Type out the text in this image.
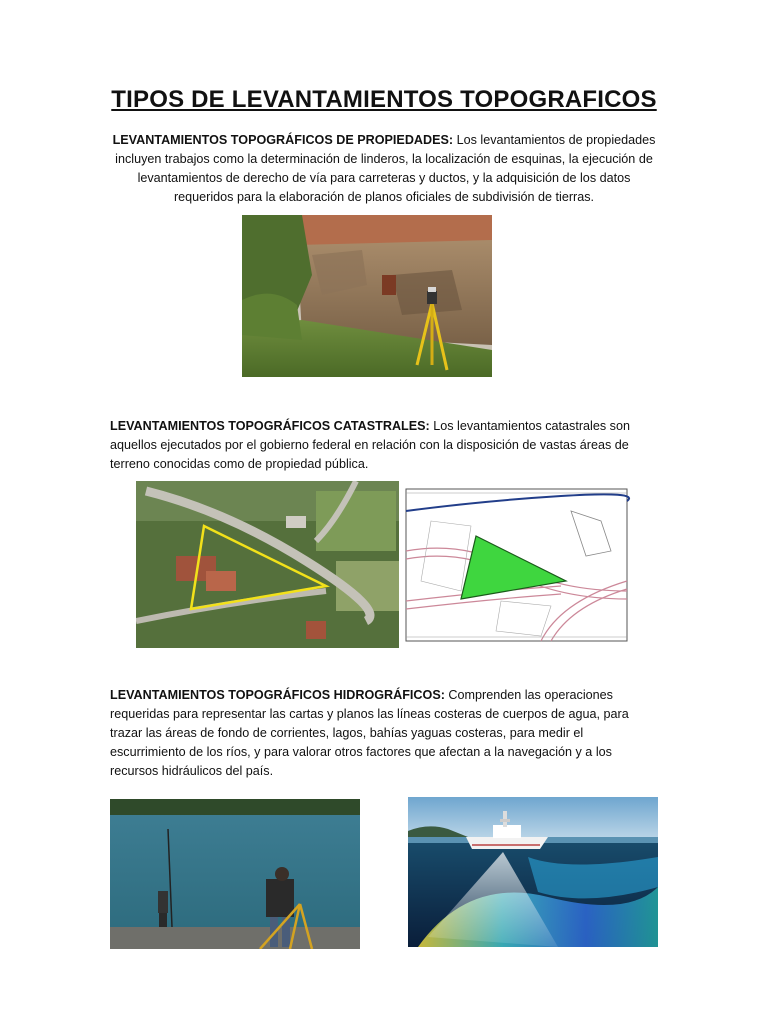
TIPOS DE LEVANTAMIENTOS TOPOGRAFICOS

LEVANTAMIENTOS TOPOGRÁFICOS DE PROPIEDADES: Los levantamientos de propiedades incluyen trabajos como la determinación de linderos, la localización de esquinas, la ejecución de levantamientos de derecho de vía para carreteras y ductos, y la adquisición de los datos requeridos para la elaboración de planos oficiales de subdivisión de tierras.

LEVANTAMIENTOS TOPOGRÁFICOS CATASTRALES: Los levantamientos catastrales son aquellos ejecutados por el gobierno federal en relación con la disposición de vastas áreas de terreno conocidas como de propiedad pública.

LEVANTAMIENTOS TOPOGRÁFICOS HIDROGRÁFICOS: Comprenden las operaciones requeridas para representar las cartas y planos las líneas costeras de cuerpos de agua, para trazar las áreas de fondo de corrientes, lagos, bahías yaguas costeras, para medir el escurrimiento de los ríos, y para valorar otros factores que afectan a la navegación y a los recursos hidráulicos del país.
